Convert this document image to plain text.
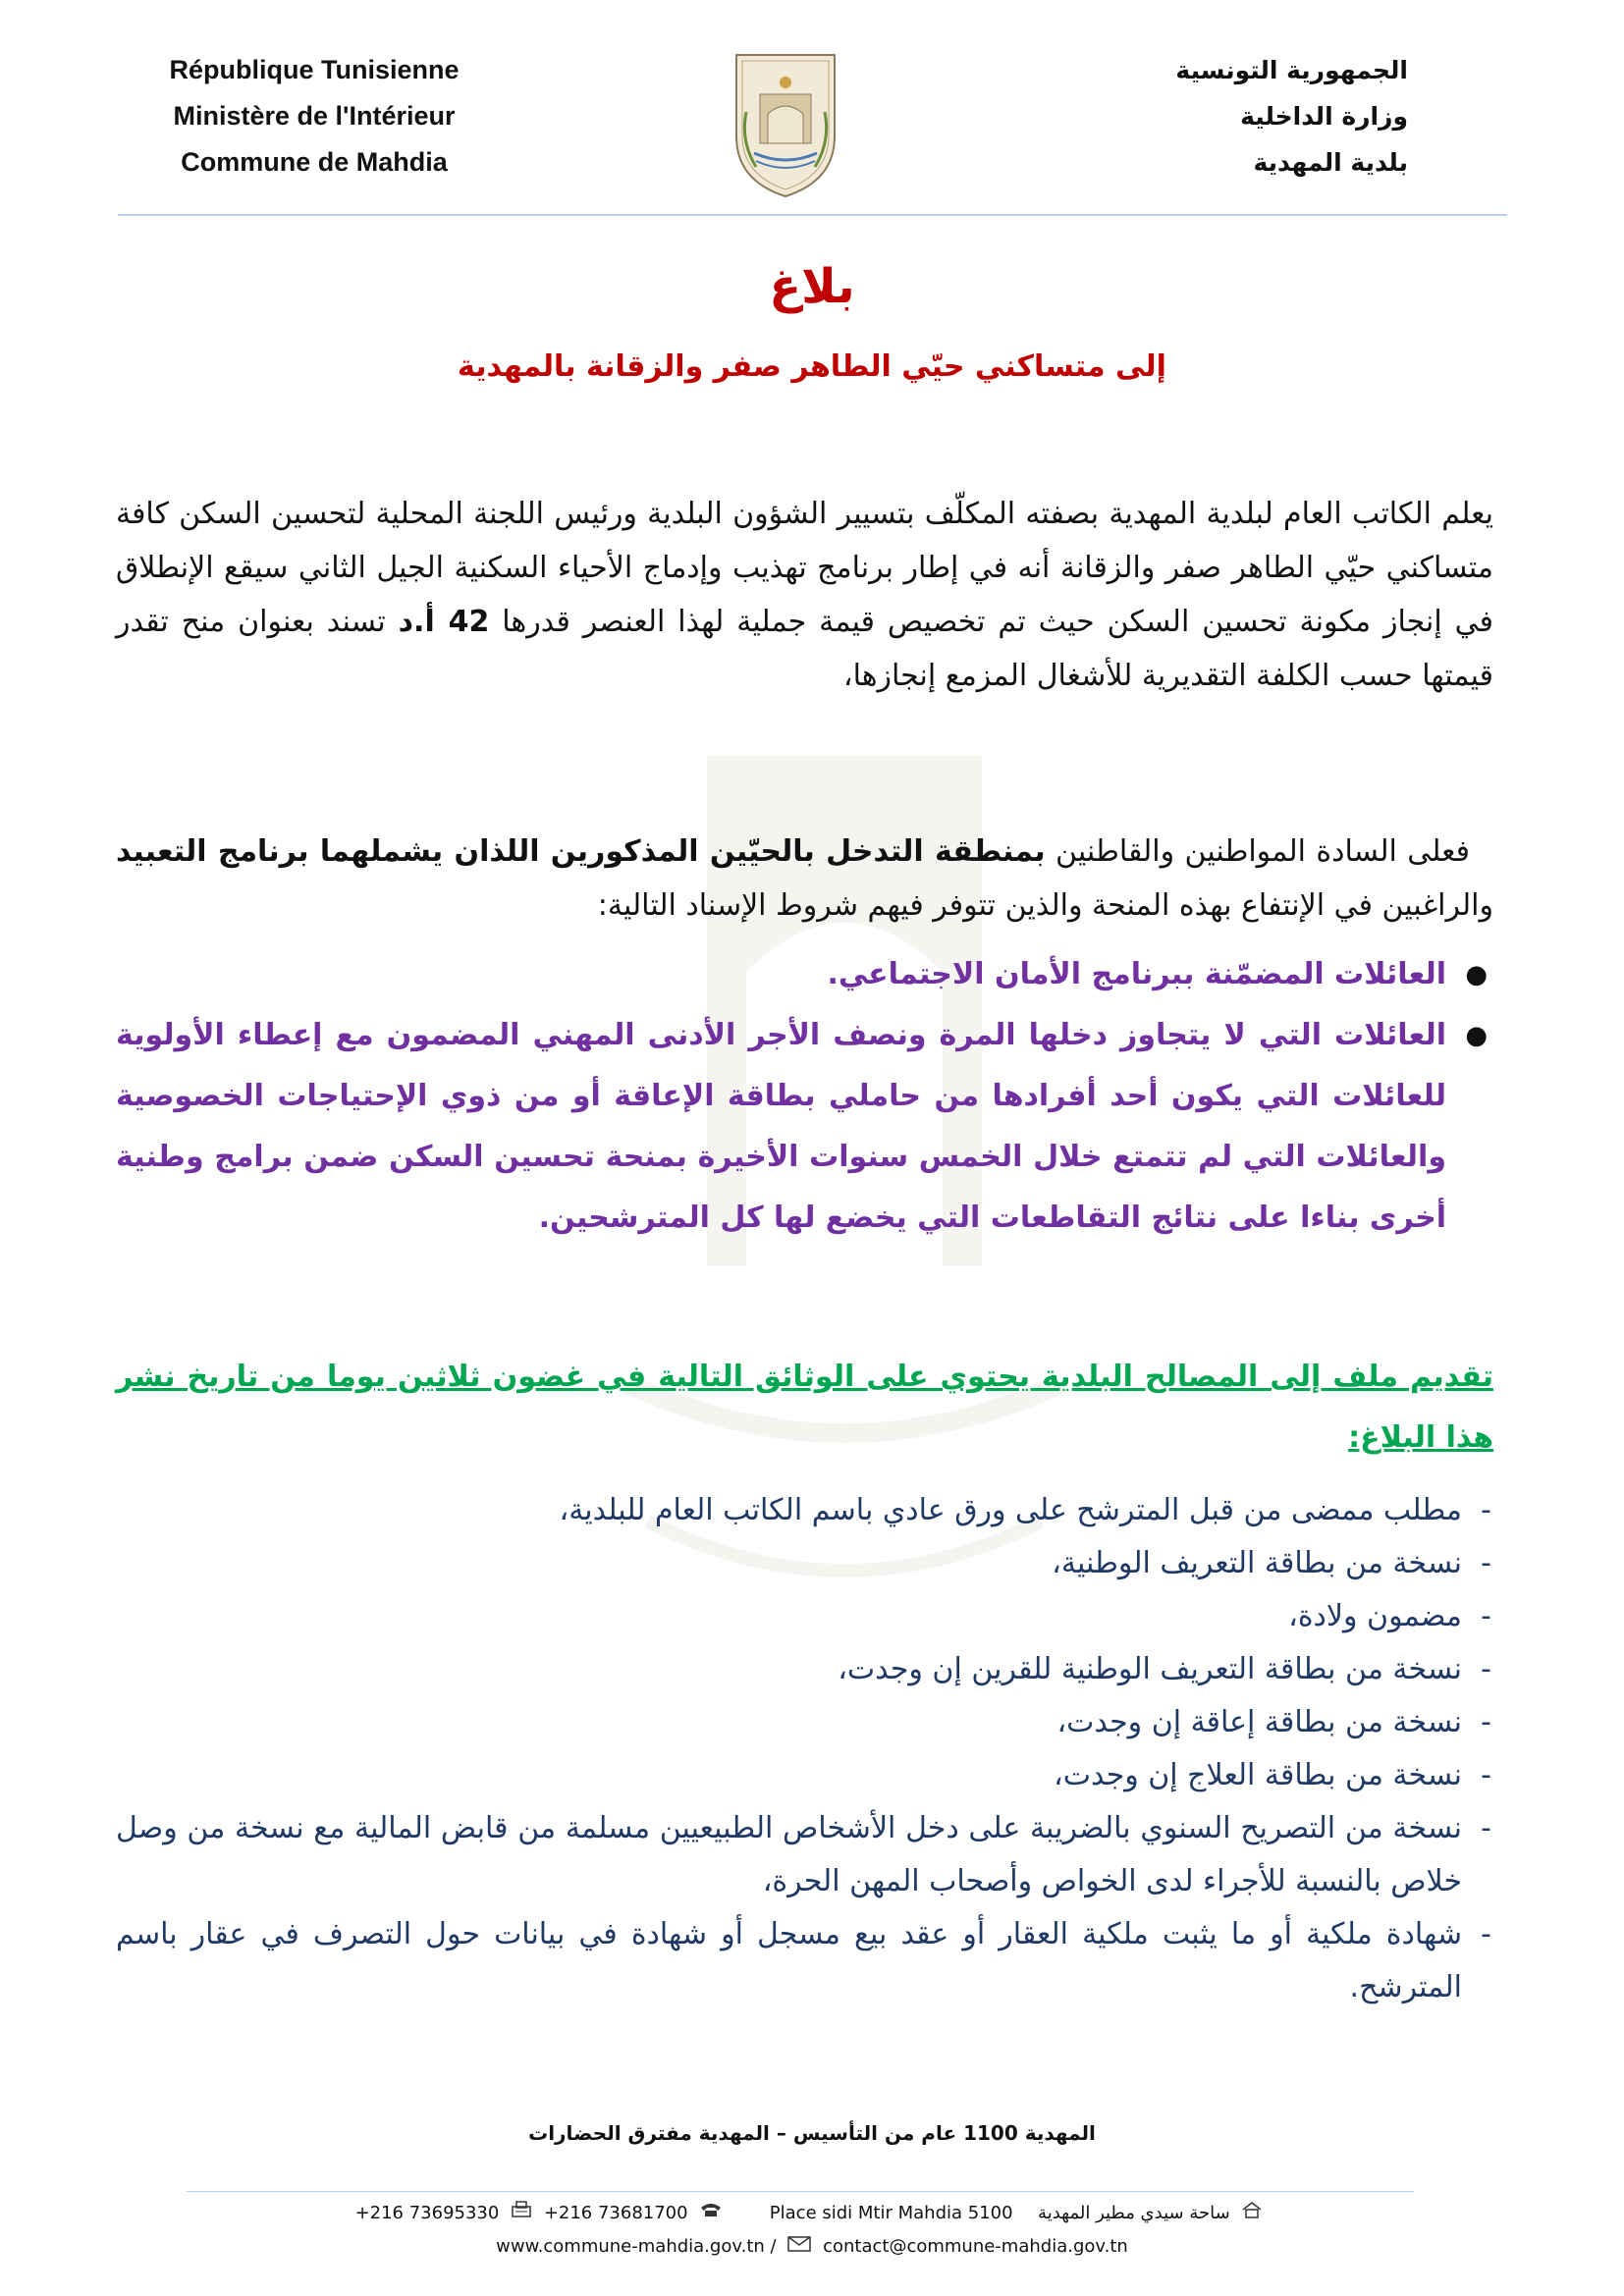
République Tunisienne
Ministère de l'Intérieur
Commune de Mahdia
الجمهورية التونسية
وزارة الداخلية
بلدية المهدية
بلاغ
إلى متساكني حيّي الطاهر صفر والزقانة بالمهدية
يعلم الكاتب العام لبلدية المهدية بصفته المكلّف بتسيير الشؤون البلدية ورئيس اللجنة المحلية لتحسين السكن كافة متساكني حيّي الطاهر صفر والزقانة أنه في إطار برنامج تهذيب وإدماج الأحياء السكنية الجيل الثاني سيقع الإنطلاق في إنجاز مكونة تحسين السكن حيث تم تخصيص قيمة جملية لهذا العنصر قدرها 42 أ.د تسند بعنوان منح تقدر قيمتها حسب الكلفة التقديرية للأشغال المزمع إنجازها،
فعلى السادة المواطنين والقاطنين بمنطقة التدخل بالحيّين المذكورين اللذان يشملهما برنامج التعبيد والراغبين في الإنتفاع بهذه المنحة والذين تتوفر فيهم شروط الإسناد التالية:
●
العائلات المضمّنة ببرنامج الأمان الاجتماعي.
●
العائلات التي لا يتجاوز دخلها المرة ونصف الأجر الأدنى المهني المضمون مع إعطاء الأولوية للعائلات التي يكون أحد أفرادها من حاملي بطاقة الإعاقة أو من ذوي الإحتياجات الخصوصية والعائلات التي لم تتمتع خلال الخمس سنوات الأخيرة بمنحة تحسين السكن ضمن برامج وطنية أخرى بناءا على نتائج التقاطعات التي يخضع لها كل المترشحين.
تقديم ملف إلى المصالح البلدية يحتوي على الوثائق التالية في غضون ثلاثين يوما من تاريخ نشر هذا البلاغ:
-
مطلب ممضى من قبل المترشح على ورق عادي باسم الكاتب العام للبلدية،
-
نسخة من بطاقة التعريف الوطنية،
-
مضمون ولادة،
-
نسخة من بطاقة التعريف الوطنية للقرين إن وجدت،
-
نسخة من بطاقة إعاقة إن وجدت،
-
نسخة من بطاقة العلاج إن وجدت،
-
نسخة من التصريح السنوي بالضريبة على دخل الأشخاص الطبيعيين مسلمة من قابض المالية مع نسخة من وصل خلاص بالنسبة للأجراء لدى الخواص وأصحاب المهن الحرة،
-
شهادة ملكية أو ما يثبت ملكية العقار أو عقد بيع مسجل أو شهادة في بيانات حول التصرف في عقار باسم المترشح.
المهدية 1100 عام من التأسيس – المهدية مفترق الحضارات
+216 73695330	+216 73681700	Place sidi Mtir Mahdia 5100 ساحة سيدي مطير المهدية
www.commune-mahdia.gov.tn /	contact@commune-mahdia.gov.tn
